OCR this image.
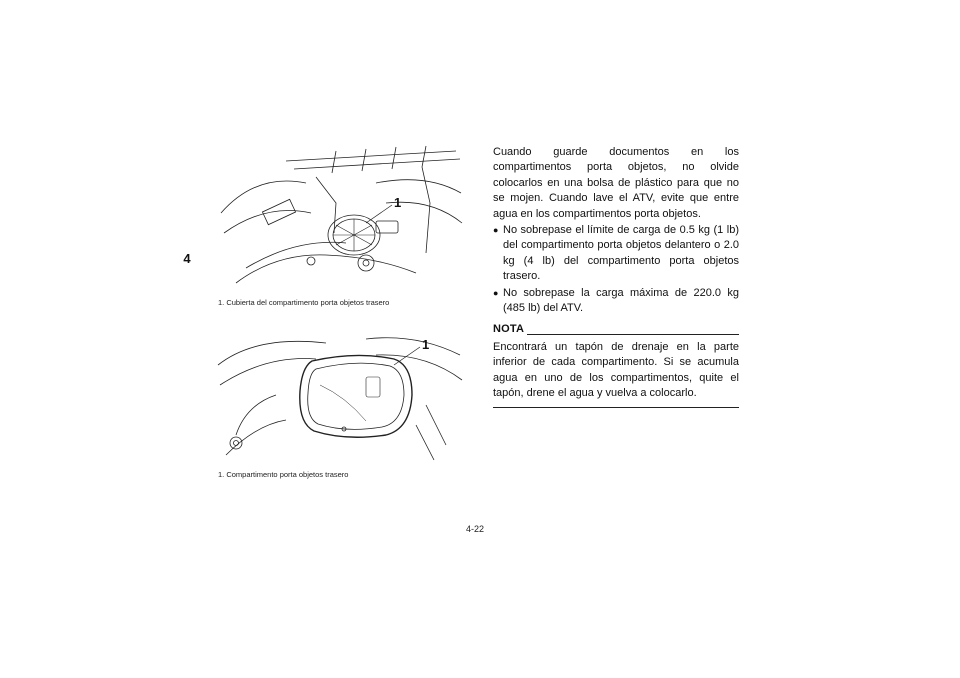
4
1
1. Cubierta del compartimento porta objetos trasero
1
1. Compartimento porta objetos trasero

Cuando guarde documentos en los compartimentos porta objetos, no olvide colocarlos en una bolsa de plástico para que no se mojen. Cuando lave el ATV, evite que entre agua en los compartimentos porta objetos.

● No sobrepase el límite de carga de 0.5 kg (1 lb) del compartimento porta objetos delantero o 2.0 kg (4 lb) del compartimento porta objetos trasero.
● No sobrepase la carga máxima de 220.0 kg (485 lb) del ATV.
NOTA

Encontrará un tapón de drenaje en la parte inferior de cada compartimento. Si se acumula agua en uno de los compartimentos, quite el tapón, drene el agua y vuelva a colocarlo.

4-22
